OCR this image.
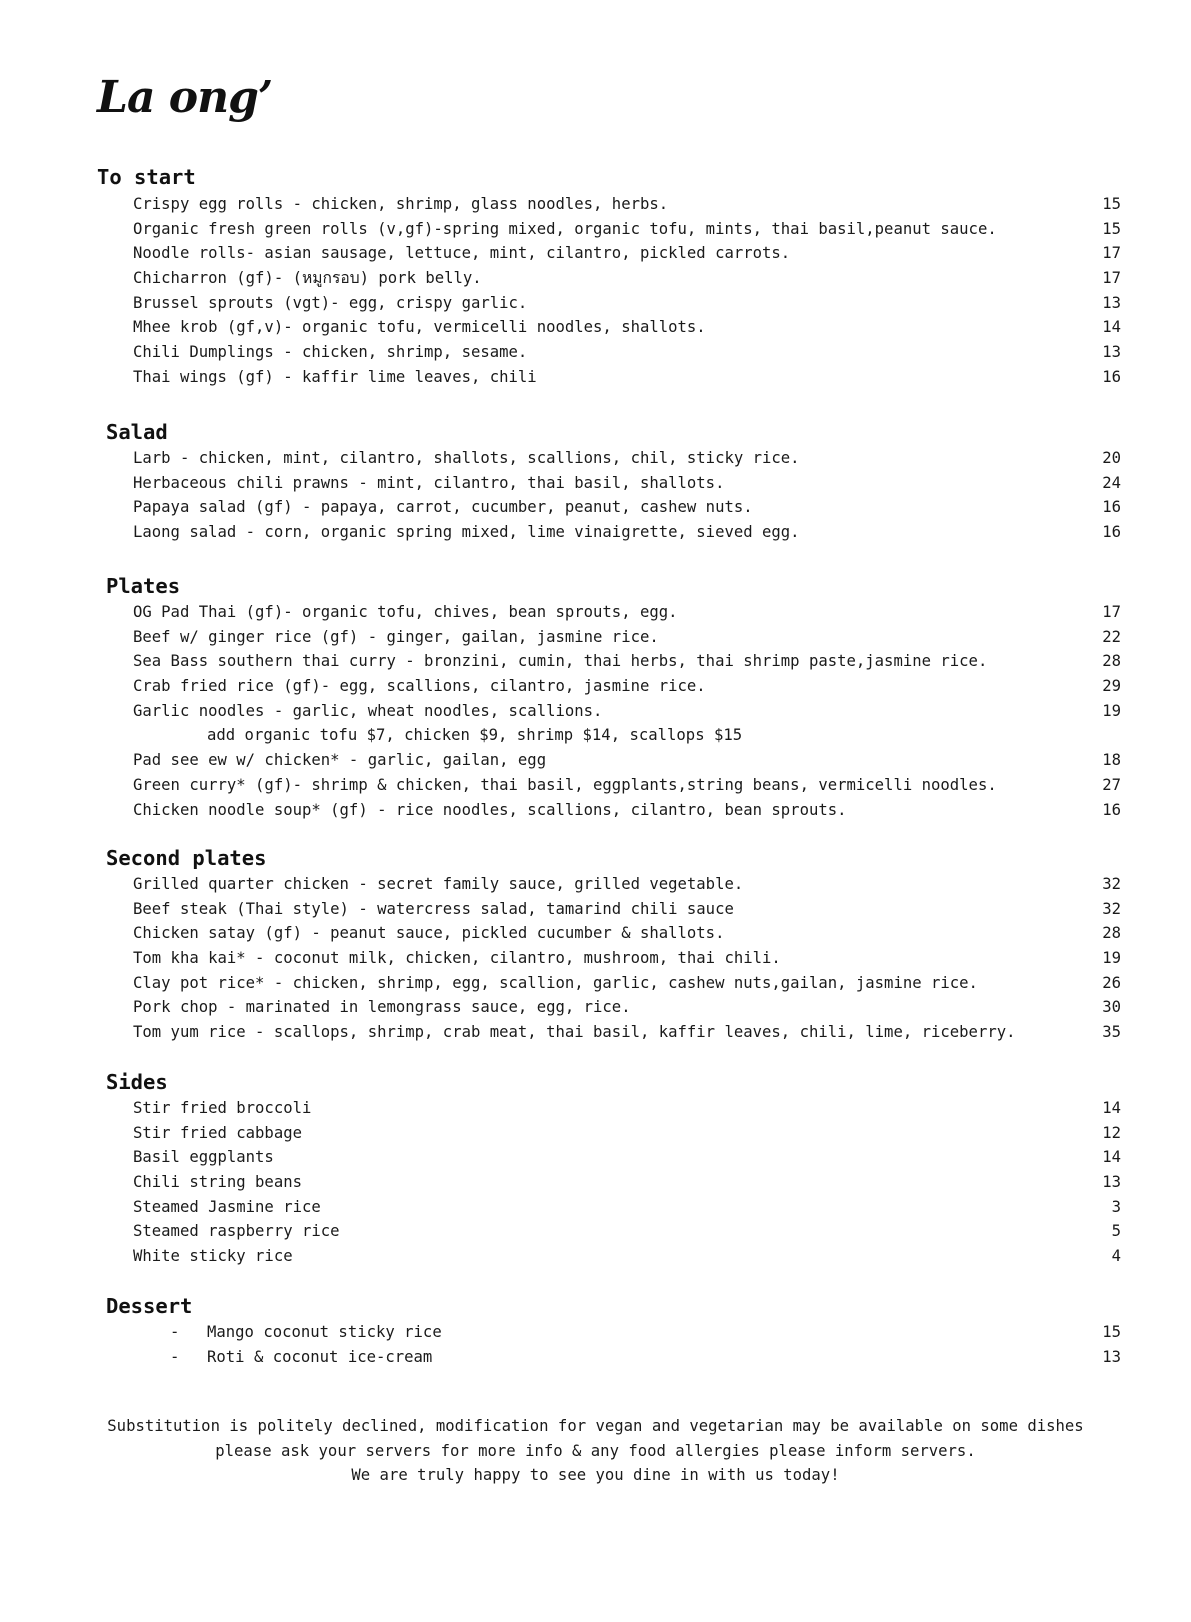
La ong’
To start
Crispy egg rolls - chicken, shrimp, glass noodles, herbs.	15
Organic fresh green rolls (v,gf)-spring mixed, organic tofu, mints, thai basil,peanut sauce.	15
Noodle rolls- asian sausage, lettuce, mint, cilantro, pickled carrots.	17
Chicharron (gf)- (หมูกรอบ) pork belly.	17
Brussel sprouts (vgt)- egg, crispy garlic.	13
Mhee krob (gf,v)- organic tofu, vermicelli noodles, shallots.	14
Chili Dumplings - chicken, shrimp, sesame.	13
Thai wings (gf) - kaffir lime leaves, chili	16
Salad
Larb - chicken, mint, cilantro, shallots, scallions, chil, sticky rice.	20
Herbaceous chili prawns - mint, cilantro, thai basil, shallots.	24
Papaya salad (gf) - papaya, carrot, cucumber, peanut, cashew nuts.	16
Laong salad - corn, organic spring mixed, lime vinaigrette, sieved egg.	16
Plates
OG Pad Thai (gf)- organic tofu, chives, bean sprouts, egg.	17
Beef w/ ginger rice (gf) - ginger, gailan, jasmine rice.	22
Sea Bass southern thai curry - bronzini, cumin, thai herbs, thai shrimp paste,jasmine rice.	28
Crab fried rice (gf)- egg, scallions, cilantro, jasmine rice.	29
Garlic noodles - garlic, wheat noodles, scallions.	19
add organic tofu $7, chicken $9, shrimp $14, scallops $15
Pad see ew w/ chicken* - garlic, gailan, egg	18
Green curry* (gf)- shrimp & chicken, thai basil, eggplants,string beans, vermicelli noodles.	27
Chicken noodle soup* (gf) - rice noodles, scallions, cilantro, bean sprouts.	16
Second plates
Grilled quarter chicken - secret family sauce, grilled vegetable.	32
Beef steak (Thai style) - watercress salad, tamarind chili sauce	32
Chicken satay (gf) - peanut sauce, pickled cucumber & shallots.	28
Tom kha kai* - coconut milk, chicken, cilantro, mushroom, thai chili.	19
Clay pot rice* - chicken, shrimp, egg, scallion, garlic, cashew nuts,gailan, jasmine rice.	26
Pork chop - marinated in lemongrass sauce, egg, rice.	30
Tom yum rice - scallops, shrimp, crab meat, thai basil, kaffir leaves, chili, lime, riceberry.	35
Sides
Stir fried broccoli	14
Stir fried cabbage	12
Basil eggplants	14
Chili string beans	13
Steamed Jasmine rice	3
Steamed raspberry rice	5
White sticky rice	4
Dessert
- Mango coconut sticky rice	15
- Roti & coconut ice-cream	13
Substitution is politely declined, modification for vegan and vegetarian may be available on some dishes
please ask your servers for more info & any food allergies please inform servers.
We are truly happy to see you dine in with us today!
